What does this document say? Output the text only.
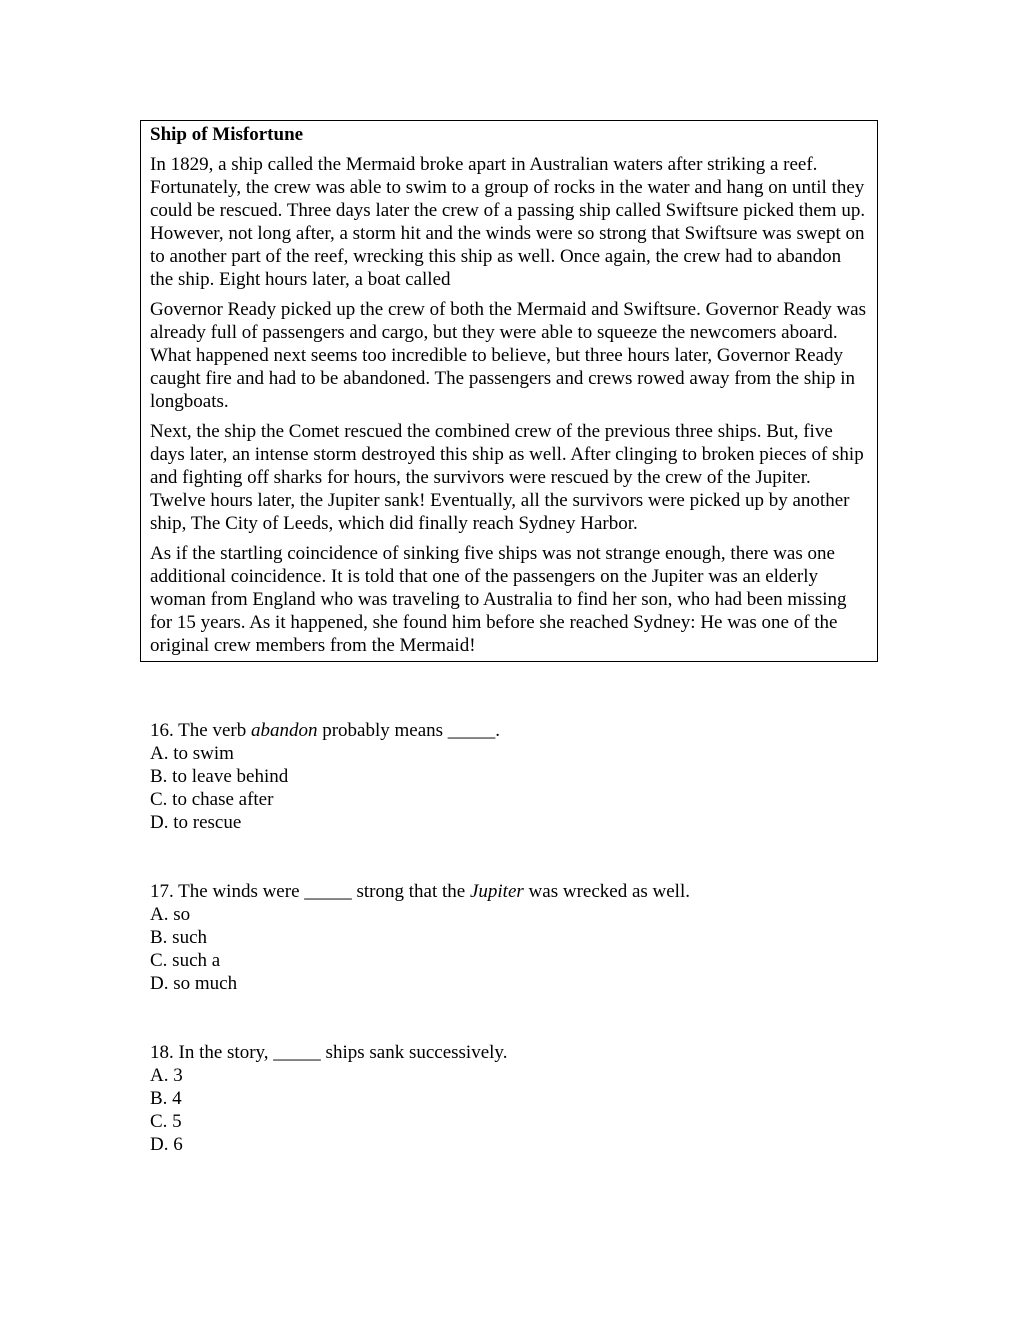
Ship of Misfortune

In 1829, a ship called the Mermaid broke apart in Australian waters after striking a reef. Fortunately, the crew was able to swim to a group of rocks in the water and hang on until they could be rescued. Three days later the crew of a passing ship called Swiftsure picked them up. However, not long after, a storm hit and the winds were so strong that Swiftsure was swept on to another part of the reef, wrecking this ship as well. Once again, the crew had to abandon the ship. Eight hours later, a boat called

Governor Ready picked up the crew of both the Mermaid and Swiftsure. Governor Ready was already full of passengers and cargo, but they were able to squeeze the newcomers aboard. What happened next seems too incredible to believe, but three hours later, Governor Ready caught fire and had to be abandoned. The passengers and crews rowed away from the ship in longboats.

Next, the ship the Comet rescued the combined crew of the previous three ships. But, five days later, an intense storm destroyed this ship as well. After clinging to broken pieces of ship and fighting off sharks for hours, the survivors were rescued by the crew of the Jupiter. Twelve hours later, the Jupiter sank! Eventually, all the survivors were picked up by another ship, The City of Leeds, which did finally reach Sydney Harbor.

As if the startling coincidence of sinking five ships was not strange enough, there was one additional coincidence. It is told that one of the passengers on the Jupiter was an elderly woman from England who was traveling to Australia to find her son, who had been missing for 15 years. As it happened, she found him before she reached Sydney: He was one of the original crew members from the Mermaid!

16. The verb abandon probably means _____.
A. to swim
B. to leave behind
C. to chase after
D. to rescue
17. The winds were _____ strong that the Jupiter was wrecked as well.
A. so
B. such
C. such a
D. so much
18. In the story, _____ ships sank successively.
A. 3
B. 4
C. 5
D. 6
